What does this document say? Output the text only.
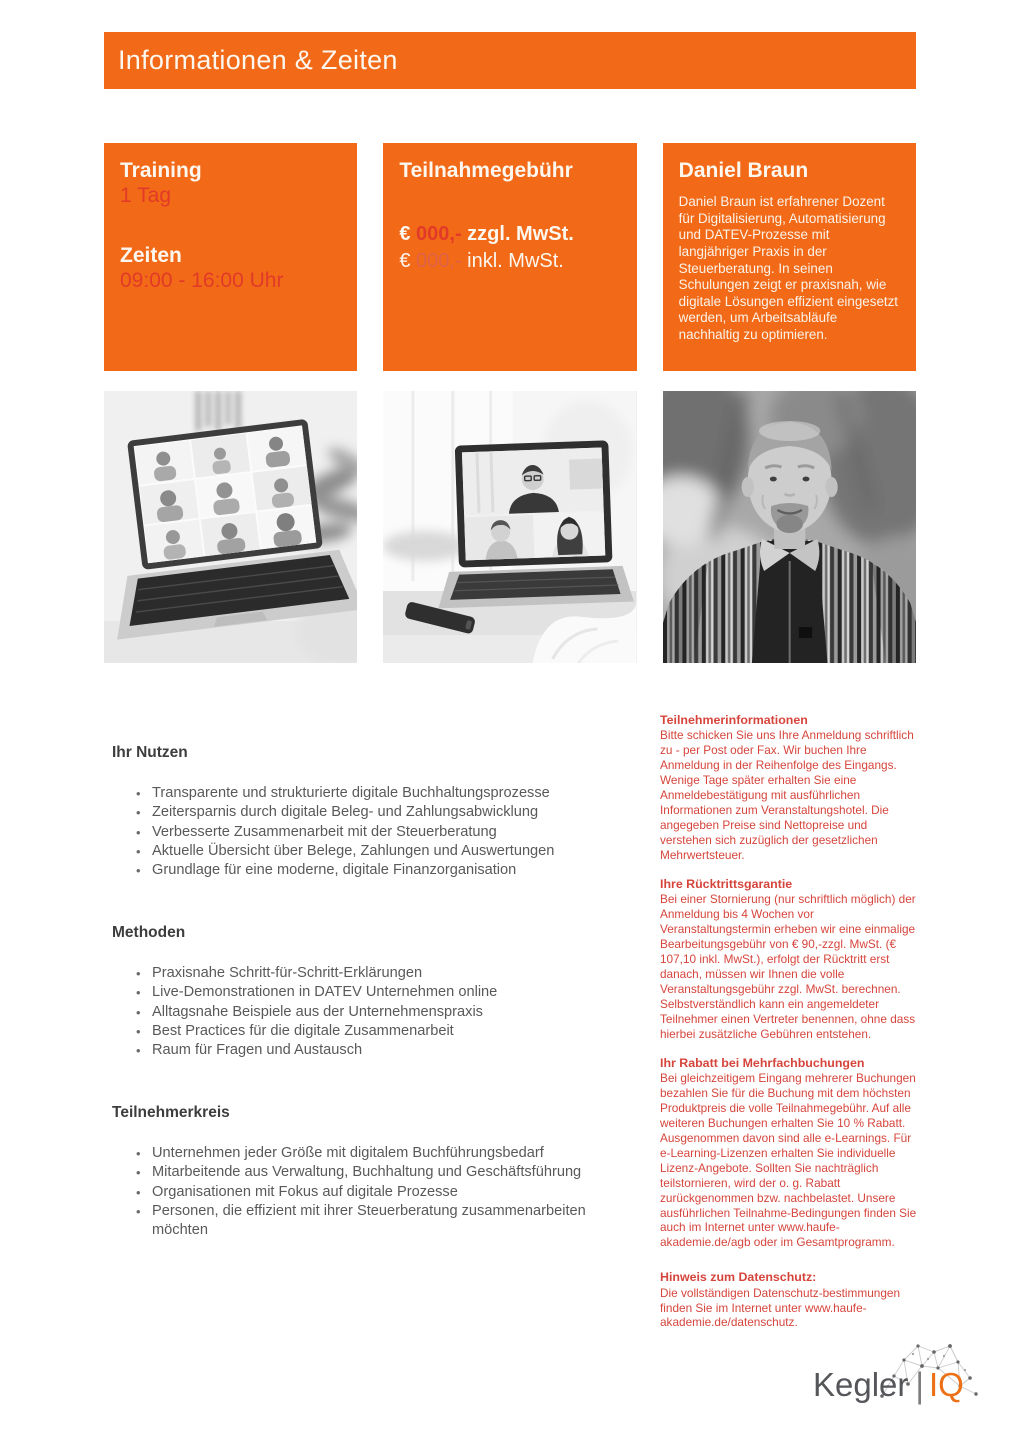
Informationen & Zeiten
Training
1 Tag
Zeiten
09:00 - 16:00 Uhr
Teilnahmegebühr
€ 000,- zzgl. MwSt.
€ 000,- inkl. MwSt.
Daniel Braun
Daniel Braun ist erfahrener Dozent für Digitalisierung, Automatisierung und DATEV-Prozesse mit langjähriger Praxis in der Steuerberatung. In seinen Schulungen zeigt er praxisnah, wie digitale Lösungen effizient eingesetzt werden, um Arbeitsabläufe nachhaltig zu optimieren.
Ihr Nutzen
• Transparente und strukturierte digitale Buchhaltungsprozesse
• Zeitersparnis durch digitale Beleg- und Zahlungsabwicklung
• Verbesserte Zusammenarbeit mit der Steuerberatung
• Aktuelle Übersicht über Belege, Zahlungen und Auswertungen
• Grundlage für eine moderne, digitale Finanzorganisation
Methoden
• Praxisnahe Schritt-für-Schritt-Erklärungen
• Live-Demonstrationen in DATEV Unternehmen online
• Alltagsnahe Beispiele aus der Unternehmenspraxis
• Best Practices für die digitale Zusammenarbeit
• Raum für Fragen und Austausch
Teilnehmerkreis
• Unternehmen jeder Größe mit digitalem Buchführungsbedarf
• Mitarbeitende aus Verwaltung, Buchhaltung und Geschäftsführung
• Organisationen mit Fokus auf digitale Prozesse
• Personen, die effizient mit ihrer Steuerberatung zusammenarbeiten möchten
Teilnehmerinformationen

Bitte schicken Sie uns Ihre Anmeldung schriftlich zu - per Post oder Fax. Wir buchen Ihre Anmeldung in der Reihenfolge des Eingangs. Wenige Tage später erhalten Sie eine Anmeldebestätigung mit ausführlichen Informationen zum Veranstaltungshotel. Die angegeben Preise sind Nettopreise und verstehen sich zuzüglich der gesetzlichen Mehrwertsteuer.

Ihre Rücktrittsgarantie

Bei einer Stornierung (nur schriftlich möglich) der Anmeldung bis 4 Wochen vor Veranstaltungstermin erheben wir eine einmalige Bearbeitungsgebühr von € 90,-zzgl. MwSt. (€ 107,10 inkl. MwSt.), erfolgt der Rücktritt erst danach, müssen wir Ihnen die volle Veranstaltungsgebühr zzgl. MwSt. berechnen. Selbstverständlich kann ein angemeldeter Teilnehmer einen Vertreter benennen, ohne dass hierbei zusätzliche Gebühren entstehen.

Ihr Rabatt bei Mehrfachbuchungen

Bei gleichzeitigem Eingang mehrerer Buchungen bezahlen Sie für die Buchung mit dem höchsten Produktpreis die volle Teilnahmegebühr. Auf alle weiteren Buchungen erhalten Sie 10 % Rabatt. Ausgenommen davon sind alle e-Learnings. Für e-Learning-Lizenzen erhalten Sie individuelle Lizenz-Angebote. Sollten Sie nachträglich teilstornieren, wird der o. g. Rabatt zurückgenommen bzw. nachbelastet. Unsere ausführlichen Teilnahme-Bedingungen finden Sie auch im Internet unter www.haufe-akademie.de/agb oder im Gesamtprogramm.

Hinweis zum Datenschutz:

Die vollständigen Datenschutz-bestimmungen finden Sie im Internet unter www.haufe-akademie.de/datenschutz.

Kegler | IQ
